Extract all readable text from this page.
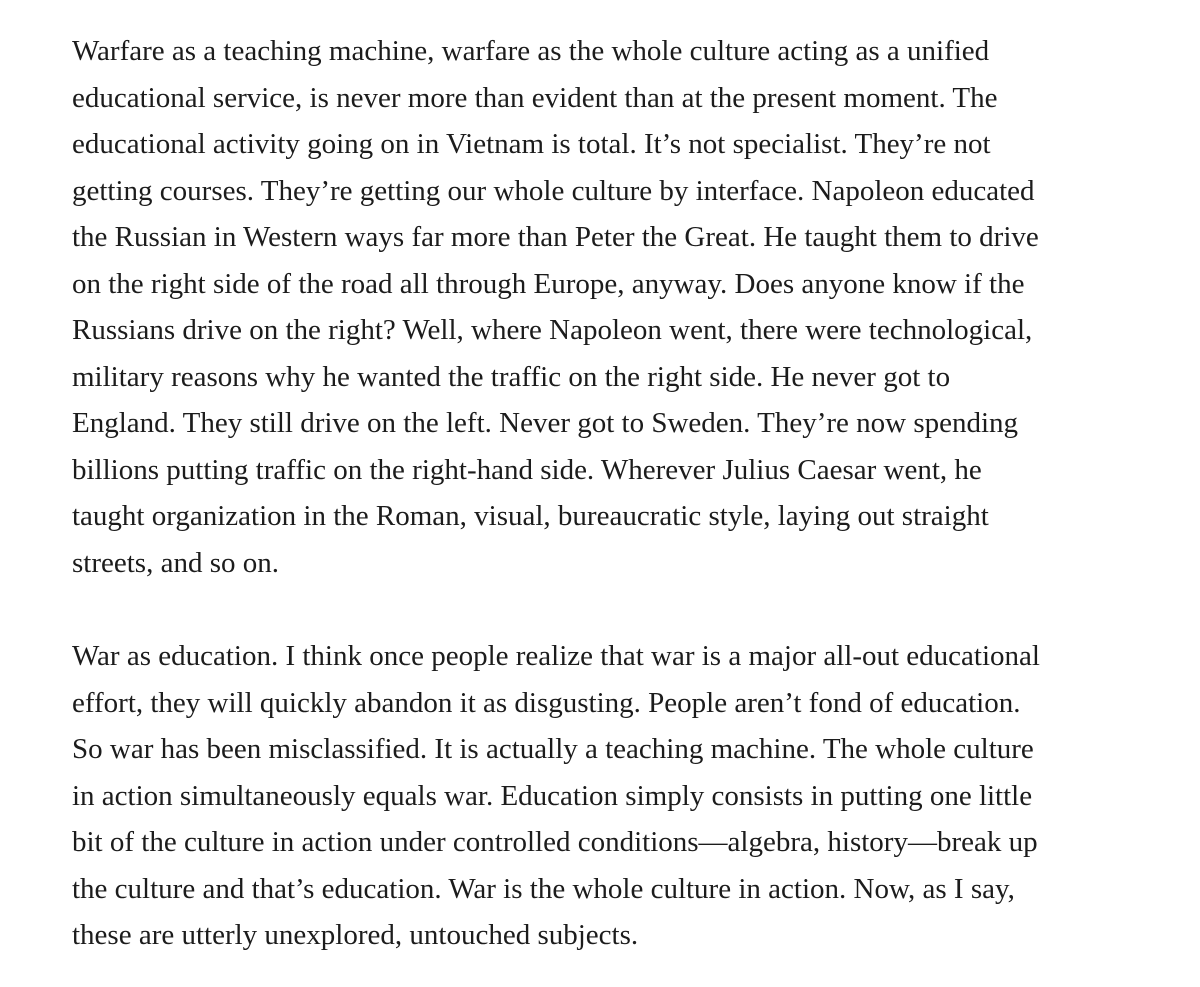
Warfare as a teaching machine, warfare as the whole culture acting as a unified
educational service, is never more than evident than at the present moment. The
educational activity going on in Vietnam is total. It’s not specialist. They’re not
getting courses. They’re getting our whole culture by interface. Napoleon educated
the Russian in Western ways far more than Peter the Great. He taught them to drive
on the right side of the road all through Europe, anyway. Does anyone know if the
Russians drive on the right? Well, where Napoleon went, there were technological,
military reasons why he wanted the traffic on the right side. He never got to
England. They still drive on the left. Never got to Sweden. They’re now spending
billions putting traffic on the right-hand side. Wherever Julius Caesar went, he
taught organization in the Roman, visual, bureaucratic style, laying out straight
streets, and so on.

War as education. I think once people realize that war is a major all-out educational
effort, they will quickly abandon it as disgusting. People aren’t fond of education.
So war has been misclassified. It is actually a teaching machine. The whole culture
in action simultaneously equals war. Education simply consists in putting one little
bit of the culture in action under controlled conditions—algebra, history—break up
the culture and that’s education. War is the whole culture in action. Now, as I say,
these are utterly unexplored, untouched subjects.
